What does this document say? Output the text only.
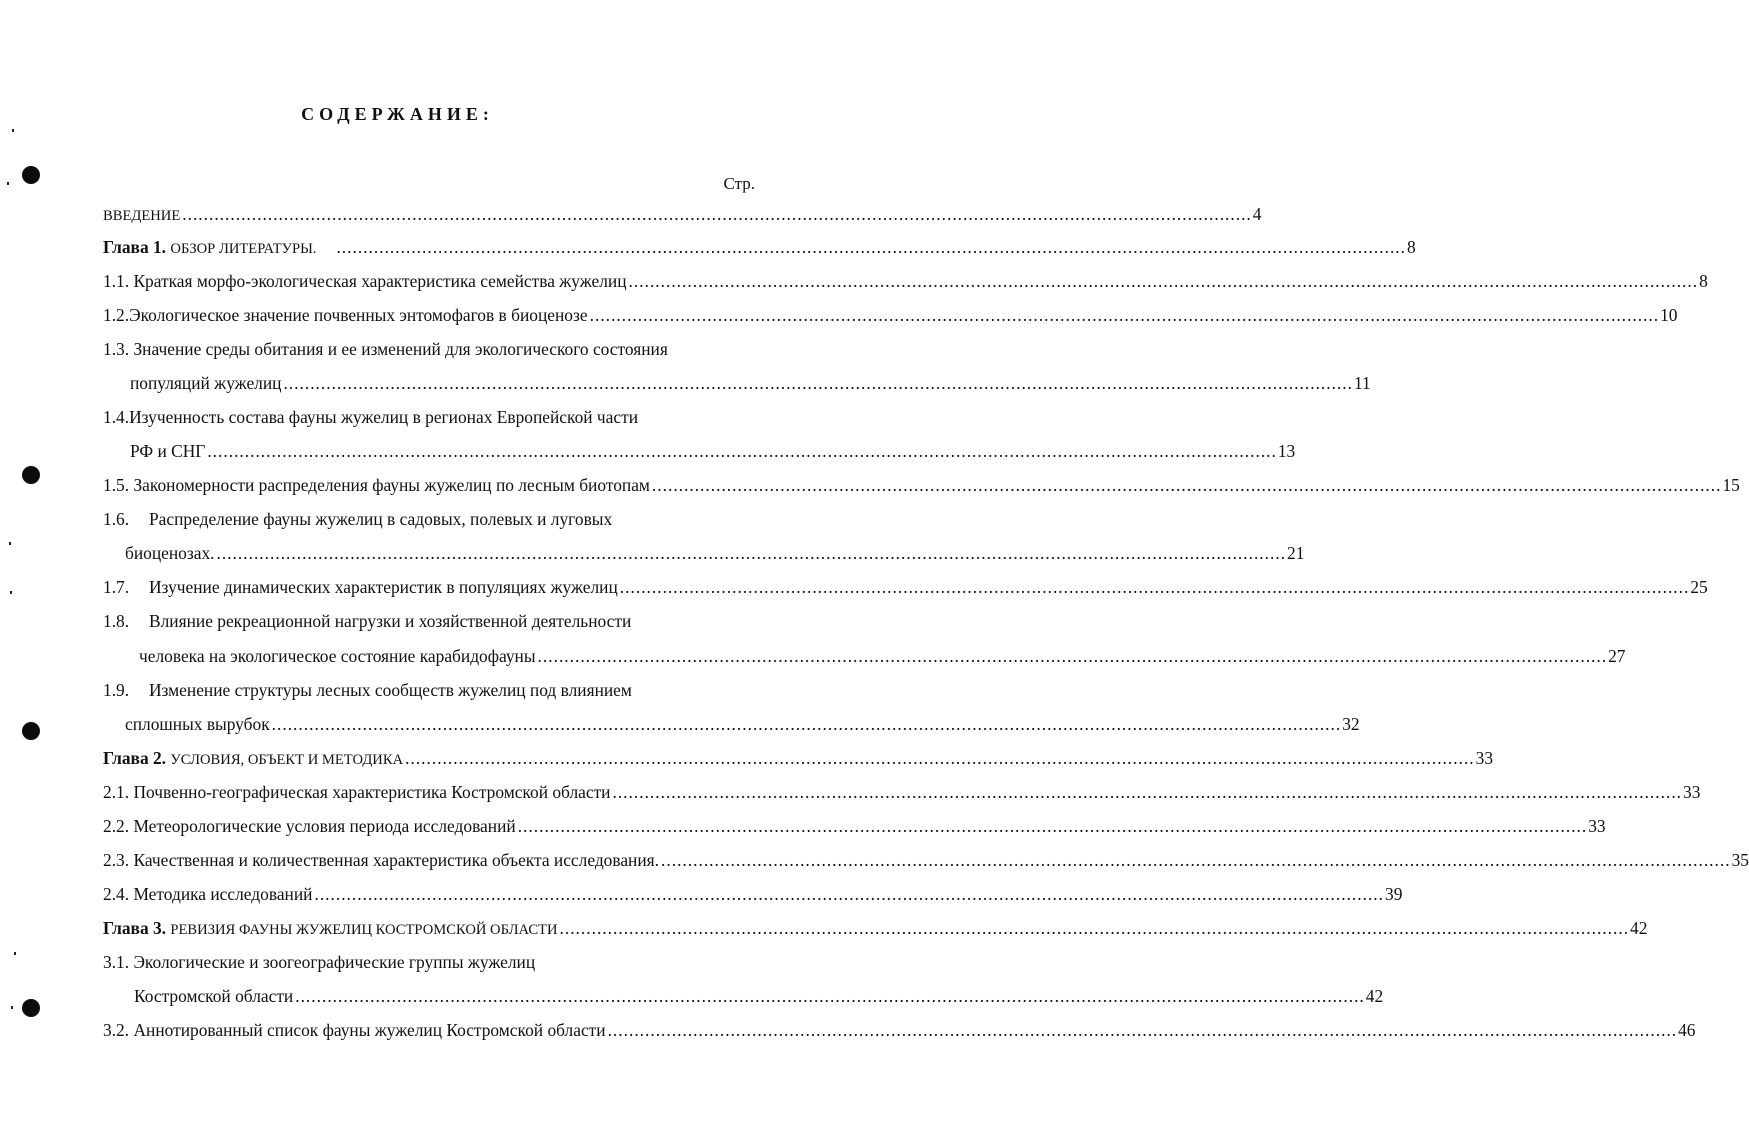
СОДЕРЖАНИЕ:
Стр.
ВВЕДЕНИЕ ........................................................................................................................................................................................................ 4
Глава 1. ОБЗОР ЛИТЕРАТУРЫ.	........................................................................................................................................................................................................ 8
1.1. Краткая морфо-экологическая характеристика семейства жужелиц ........................................................................................................................................................................................................ 8
1.2.Экологическое значение почвенных энтомофагов в биоценозе ........................................................................................................................................................................................................ 10
1.3. Значение среды обитания и ее изменений для экологического состояния
популяций жужелиц ........................................................................................................................................................................................................ 11
1.4.Изученность состава фауны жужелиц в регионах Европейской части
РФ и СНГ ........................................................................................................................................................................................................ 13
1.5. Закономерности распределения фауны жужелиц по лесным биотопам ........................................................................................................................................................................................................ 15
1.6. Распределение фауны жужелиц в садовых, полевых и луговых
биоценозах. ........................................................................................................................................................................................................ 21
1.7. Изучение динамических характеристик в популяциях жужелиц ........................................................................................................................................................................................................ 25
1.8. Влияние рекреационной нагрузки и хозяйственной деятельности
человека на экологическое состояние карабидофауны ........................................................................................................................................................................................................ 27
1.9. Изменение структуры лесных сообществ жужелиц под влиянием
сплошных вырубок ........................................................................................................................................................................................................ 32
Глава 2. УСЛОВИЯ, ОБЪЕКТ И МЕТОДИКА ........................................................................................................................................................................................................ 33
2.1. Почвенно-географическая характеристика Костромской области ........................................................................................................................................................................................................ 33
2.2. Метеорологические условия периода исследований ........................................................................................................................................................................................................ 33
2.3. Качественная и количественная характеристика объекта исследования. ........................................................................................................................................................................................................ 35
2.4. Методика исследований ........................................................................................................................................................................................................ 39
Глава 3. РЕВИЗИЯ ФАУНЫ ЖУЖЕЛИЦ КОСТРОМСКОЙ ОБЛАСТИ ........................................................................................................................................................................................................ 42
3.1. Экологические и зоогеографические группы жужелиц
Костромской области ........................................................................................................................................................................................................ 42
3.2. Аннотированный список фауны жужелиц Костромской области ........................................................................................................................................................................................................ 46
